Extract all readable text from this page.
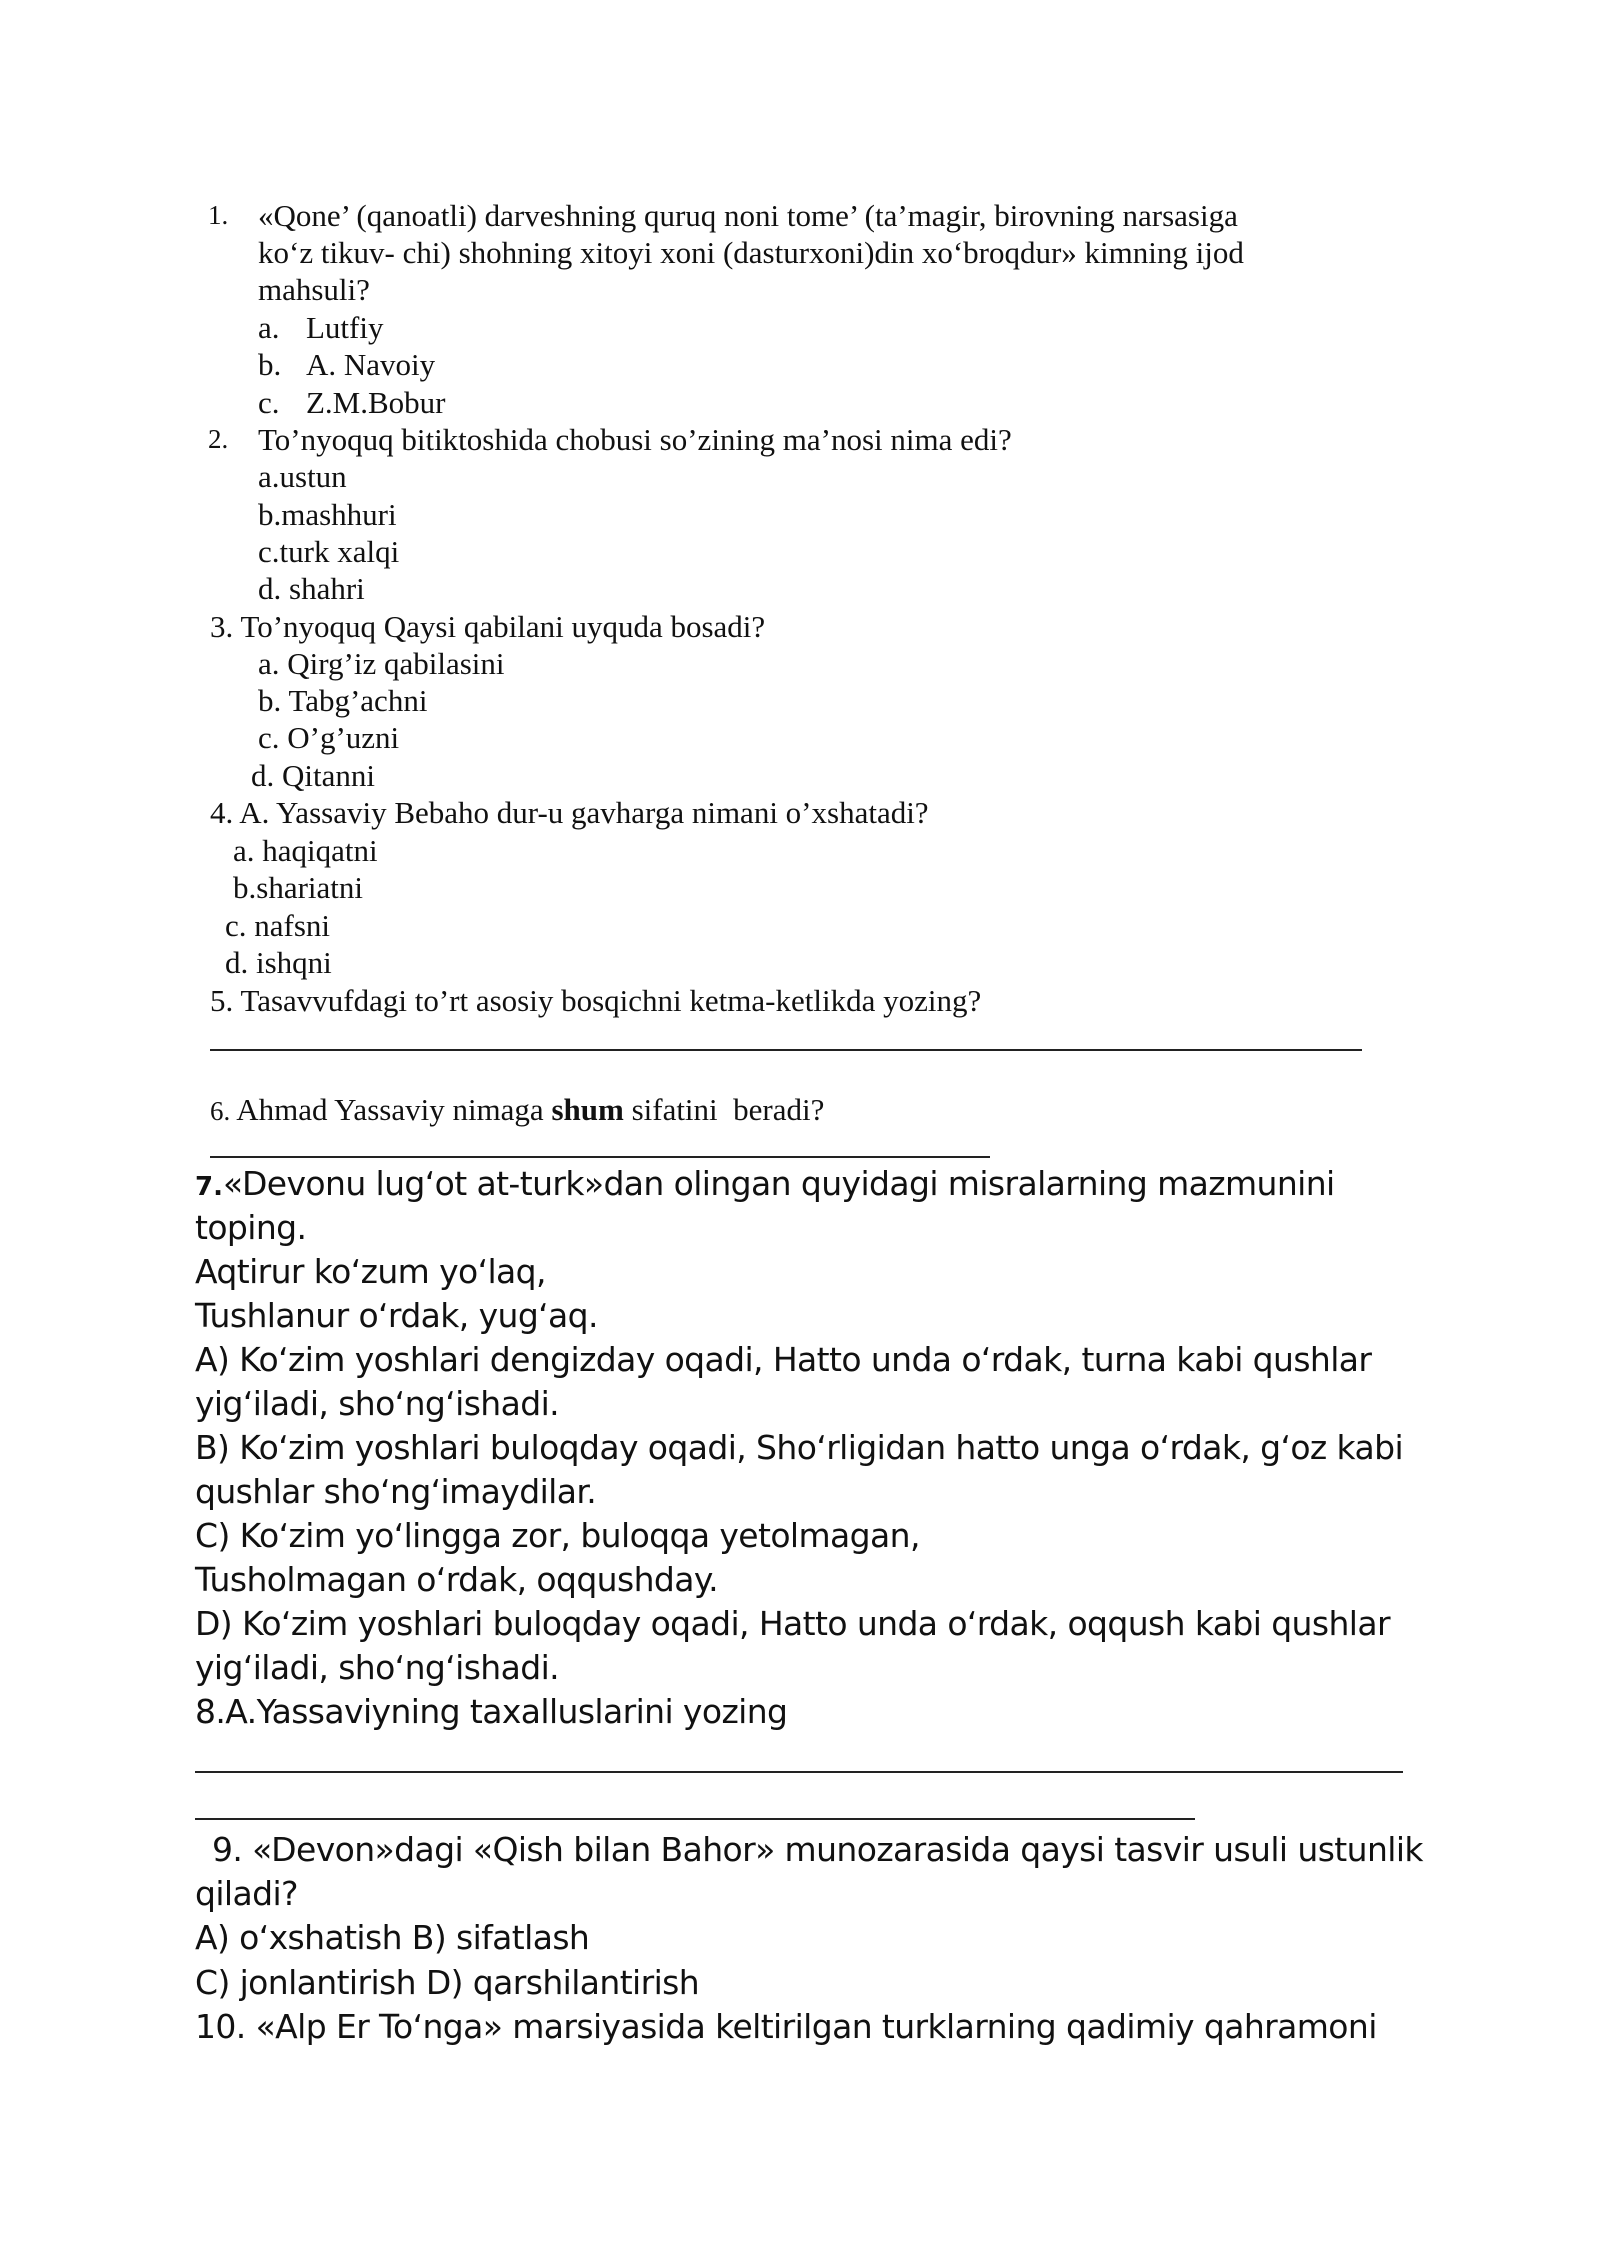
1. «Qone’ (qanoatli) darveshning quruq noni tome’ (ta’magir, birovning narsasiga
ko‘z tikuv- chi) shohning xitoyi xoni (dasturxoni)din xo‘broqdur» kimning ijod
mahsuli?
a. Lutfiy
b. A. Navoiy
c. Z.M.Bobur
2. To’nyoquq bitiktoshida chobusi so’zining ma’nosi nima edi?
a.ustun
b.mashhuri
c.turk xalqi
d. shahri
3. To’nyoquq Qaysi qabilani uyquda bosadi?
a. Qirg’iz qabilasini
b. Tabg’achni
c. O’g’uzni
d. Qitanni
4. A. Yassaviy Bebaho dur-u gavharga nimani o’xshatadi?
a. haqiqatni
b.shariatni
c. nafsni
d. ishqni
5. Tasavvufdagi to’rt asosiy bosqichni ketma-ketlikda yozing?
6. Ahmad Yassaviy nimaga shum sifatini  beradi?
7.«Devonu lug‘ot at-turk»dan olingan quyidagi misralarning mazmunini
toping.
Aqtirur ko‘zum yo‘laq,
Tushlanur o‘rdak, yug‘aq.
A) Ko‘zim yoshlari dengizday oqadi, Hatto unda o‘rdak, turna kabi qushlar
yig‘iladi, sho‘ng‘ishadi.
B) Ko‘zim yoshlari buloqday oqadi, Sho‘rligidan hatto unga o‘rdak, g‘oz kabi
qushlar sho‘ng‘imaydilar.
C) Ko‘zim yo‘lingga zor, buloqqa yetolmagan,
Tusholmagan o‘rdak, oqqushday.
D) Ko‘zim yoshlari buloqday oqadi, Hatto unda o‘rdak, oqqush kabi qushlar
yig‘iladi, sho‘ng‘ishadi.
8.A.Yassaviyning taxalluslarini yozing
9. «Devon»dagi «Qish bilan Bahor» munozarasida qaysi tasvir usuli ustunlik
qiladi?
A) o‘xshatish B) sifatlash
C) jonlantirish D) qarshilantirish
10. «Alp Er To‘nga» marsiyasida keltirilgan turklarning qadimiy qahramoni
